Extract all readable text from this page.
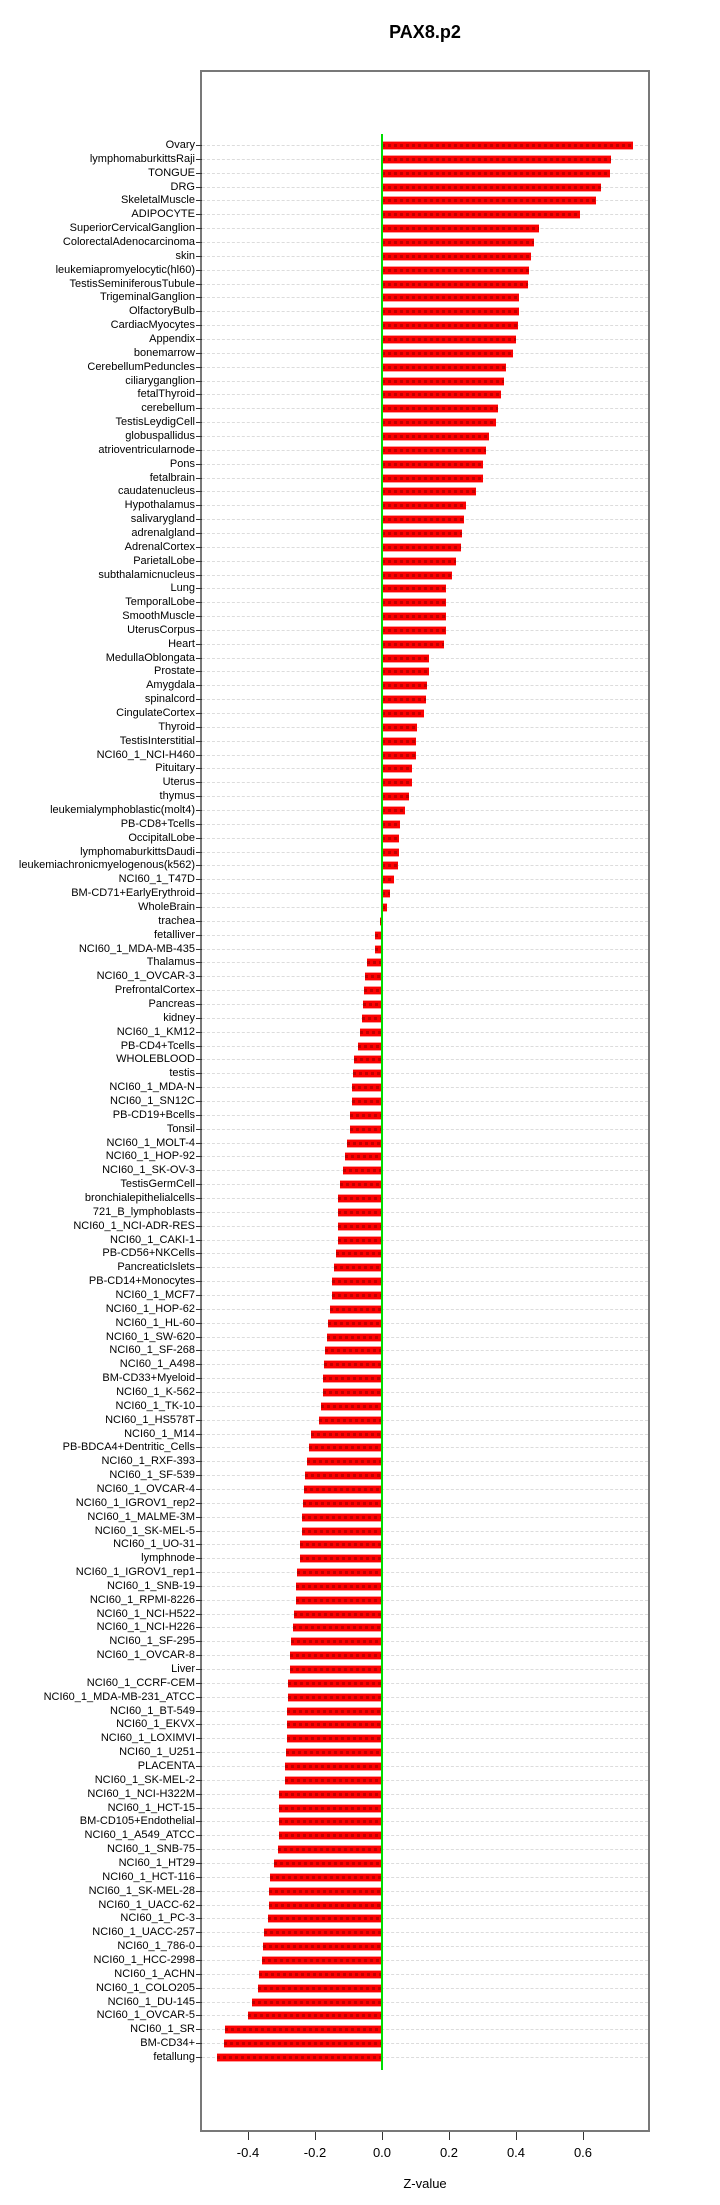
PAX8.p2
Ovary
lymphomaburkittsRaji
TONGUE
DRG
SkeletalMuscle
ADIPOCYTE
SuperiorCervicalGanglion
ColorectalAdenocarcinoma
skin
leukemiapromyelocytic(hl60)
TestisSeminiferousTubule
TrigeminalGanglion
OlfactoryBulb
CardiacMyocytes
Appendix
bonemarrow
CerebellumPeduncles
ciliaryganglion
fetalThyroid
cerebellum
TestisLeydigCell
globuspallidus
atrioventricularnode
Pons
fetalbrain
caudatenucleus
Hypothalamus
salivarygland
adrenalgland
AdrenalCortex
ParietalLobe
subthalamicnucleus
Lung
TemporalLobe
SmoothMuscle
UterusCorpus
Heart
MedullaOblongata
Prostate
Amygdala
spinalcord
CingulateCortex
Thyroid
TestisInterstitial
NCI60_1_NCI-H460
Pituitary
Uterus
thymus
leukemialymphoblastic(molt4)
PB-CD8+Tcells
OccipitalLobe
lymphomaburkittsDaudi
leukemiachronicmyelogenous(k562)
NCI60_1_T47D
BM-CD71+EarlyErythroid
WholeBrain
trachea
fetalliver
NCI60_1_MDA-MB-435
Thalamus
NCI60_1_OVCAR-3
PrefrontalCortex
Pancreas
kidney
NCI60_1_KM12
PB-CD4+Tcells
WHOLEBLOOD
testis
NCI60_1_MDA-N
NCI60_1_SN12C
PB-CD19+Bcells
Tonsil
NCI60_1_MOLT-4
NCI60_1_HOP-92
NCI60_1_SK-OV-3
TestisGermCell
bronchialepithelialcells
721_B_lymphoblasts
NCI60_1_NCI-ADR-RES
NCI60_1_CAKI-1
PB-CD56+NKCells
PancreaticIslets
PB-CD14+Monocytes
NCI60_1_MCF7
NCI60_1_HOP-62
NCI60_1_HL-60
NCI60_1_SW-620
NCI60_1_SF-268
NCI60_1_A498
BM-CD33+Myeloid
NCI60_1_K-562
NCI60_1_TK-10
NCI60_1_HS578T
NCI60_1_M14
PB-BDCA4+Dentritic_Cells
NCI60_1_RXF-393
NCI60_1_SF-539
NCI60_1_OVCAR-4
NCI60_1_IGROV1_rep2
NCI60_1_MALME-3M
NCI60_1_SK-MEL-5
NCI60_1_UO-31
lymphnode
NCI60_1_IGROV1_rep1
NCI60_1_SNB-19
NCI60_1_RPMI-8226
NCI60_1_NCI-H522
NCI60_1_NCI-H226
NCI60_1_SF-295
NCI60_1_OVCAR-8
Liver
NCI60_1_CCRF-CEM
NCI60_1_MDA-MB-231_ATCC
NCI60_1_BT-549
NCI60_1_EKVX
NCI60_1_LOXIMVI
NCI60_1_U251
PLACENTA
NCI60_1_SK-MEL-2
NCI60_1_NCI-H322M
NCI60_1_HCT-15
BM-CD105+Endothelial
NCI60_1_A549_ATCC
NCI60_1_SNB-75
NCI60_1_HT29
NCI60_1_HCT-116
NCI60_1_SK-MEL-28
NCI60_1_UACC-62
NCI60_1_PC-3
NCI60_1_UACC-257
NCI60_1_786-0
NCI60_1_HCC-2998
NCI60_1_ACHN
NCI60_1_COLO205
NCI60_1_DU-145
NCI60_1_OVCAR-5
NCI60_1_SR
BM-CD34+
fetallung
Z-value
-0.4	-0.2	0.0	0.2	0.4	0.6
